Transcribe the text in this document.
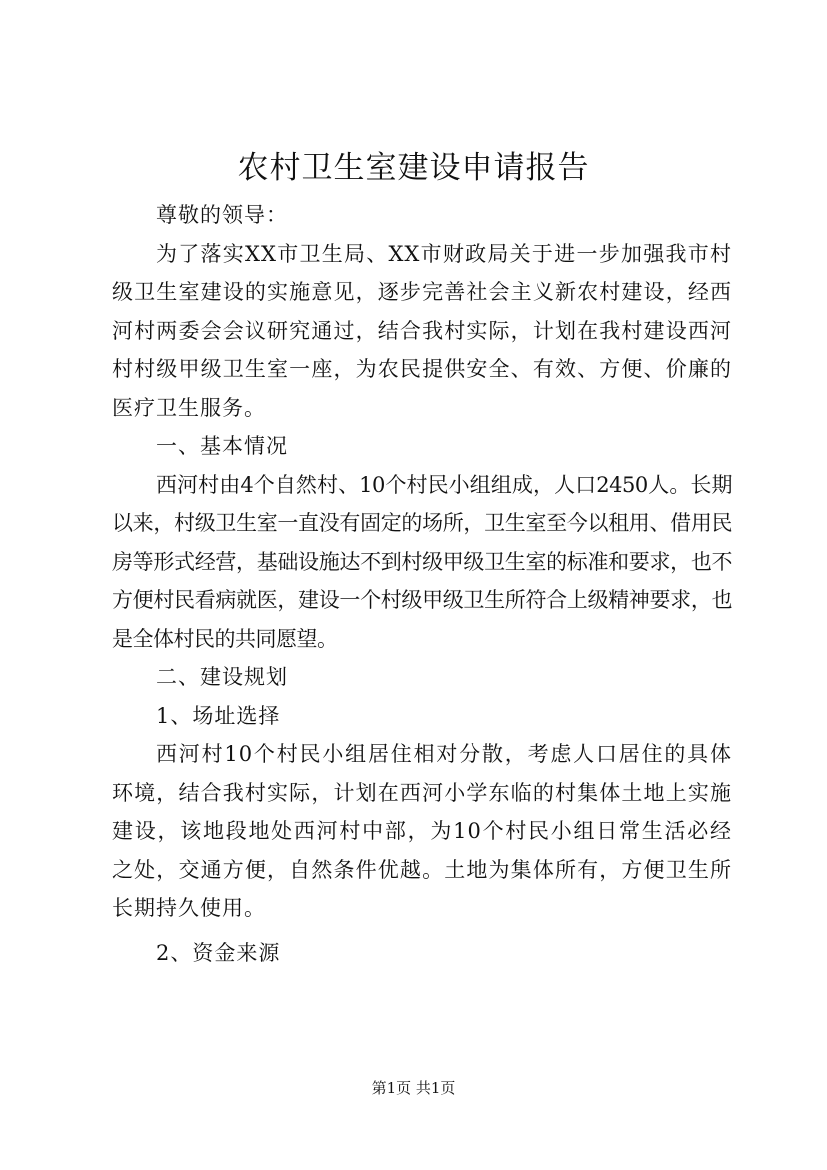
农村卫生室建设申请报告

尊敬的领导：

为了落实XX市卫生局、XX市财政局关于进一步加强我市村级卫生室建设的实施意见，逐步完善社会主义新农村建设，经西河村两委会会议研究通过，结合我村实际，计划在我村建设西河村村级甲级卫生室一座，为农民提供安全、有效、方便、价廉的医疗卫生服务。

一、基本情况

西河村由4个自然村、10个村民小组组成，人口2450人。长期以来，村级卫生室一直没有固定的场所，卫生室至今以租用、借用民房等形式经营，基础设施达不到村级甲级卫生室的标准和要求，也不方便村民看病就医，建设一个村级甲级卫生所符合上级精神要求，也是全体村民的共同愿望。

二、建设规划

1、场址选择

西河村10个村民小组居住相对分散，考虑人口居住的具体环境，结合我村实际，计划在西河小学东临的村集体土地上实施建设，该地段地处西河村中部，为10个村民小组日常生活必经之处，交通方便，自然条件优越。土地为集体所有，方便卫生所长期持久使用。

2、资金来源

第1页 共1页
